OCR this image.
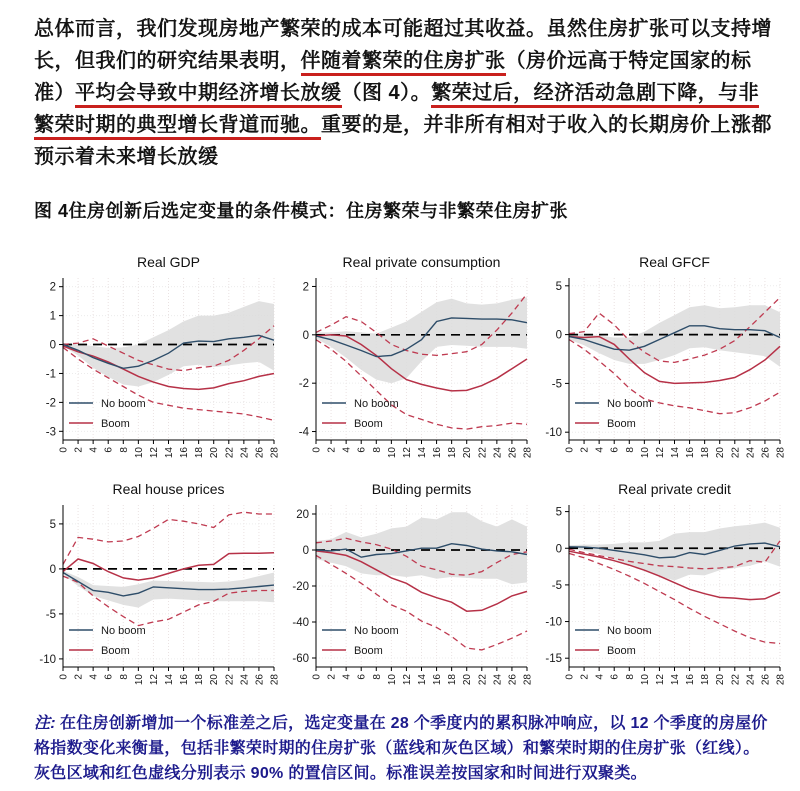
总体而言，我们发现房地产繁荣的成本可能超过其收益。虽然住房扩张可以支持增长，但我们的研究结果表明，伴随着繁荣的住房扩张（房价远高于特定国家的标准）平均会导致中期经济增长放缓（图 4）。繁荣过后，经济活动急剧下降，与非繁荣时期的典型增长背道而驰。重要的是，并非所有相对于收入的长期房价上涨都预示着未来增长放缓

图 4住房创新后选定变量的条件模式：住房繁荣与非繁荣住房扩张

2
1
0
-1
-2
-3
0 2 4 6 8 10 12 14 16 18 20 22 24 26 28
Real GDP
No boom
Boom
2
0
-2
-4
0 2 4 6 8 10 12 14 16 18 20 22 24 26 28
Real private consumption
No boom
Boom
5
0
-5
-10
0 2 4 6 8 10 12 14 16 18 20 22 24 26 28
Real GFCF
No boom
Boom
5
0
-5
-10
0 2 4 6 8 10 12 14 16 18 20 22 24 26 28
Real house prices
No boom
Boom
20
0
-20
-40
-60
0 2 4 6 8 10 12 14 16 18 20 22 24 26 28
Building permits
No boom
Boom
5
0
-5
-10
-15
0 2 4 6 8 10 12 14 16 18 20 22 24 26 28
Real private credit
No boom
Boom

注: 在住房创新增加一个标准差之后，选定变量在 28 个季度内的累积脉冲响应，以 12 个季度的房屋价格指数变化来衡量，包括非繁荣时期的住房扩张（蓝线和灰色区域）和繁荣时期的住房扩张（红线）。灰色区域和红色虚线分别表示 90% 的置信区间。标准误差按国家和时间进行双聚类。
